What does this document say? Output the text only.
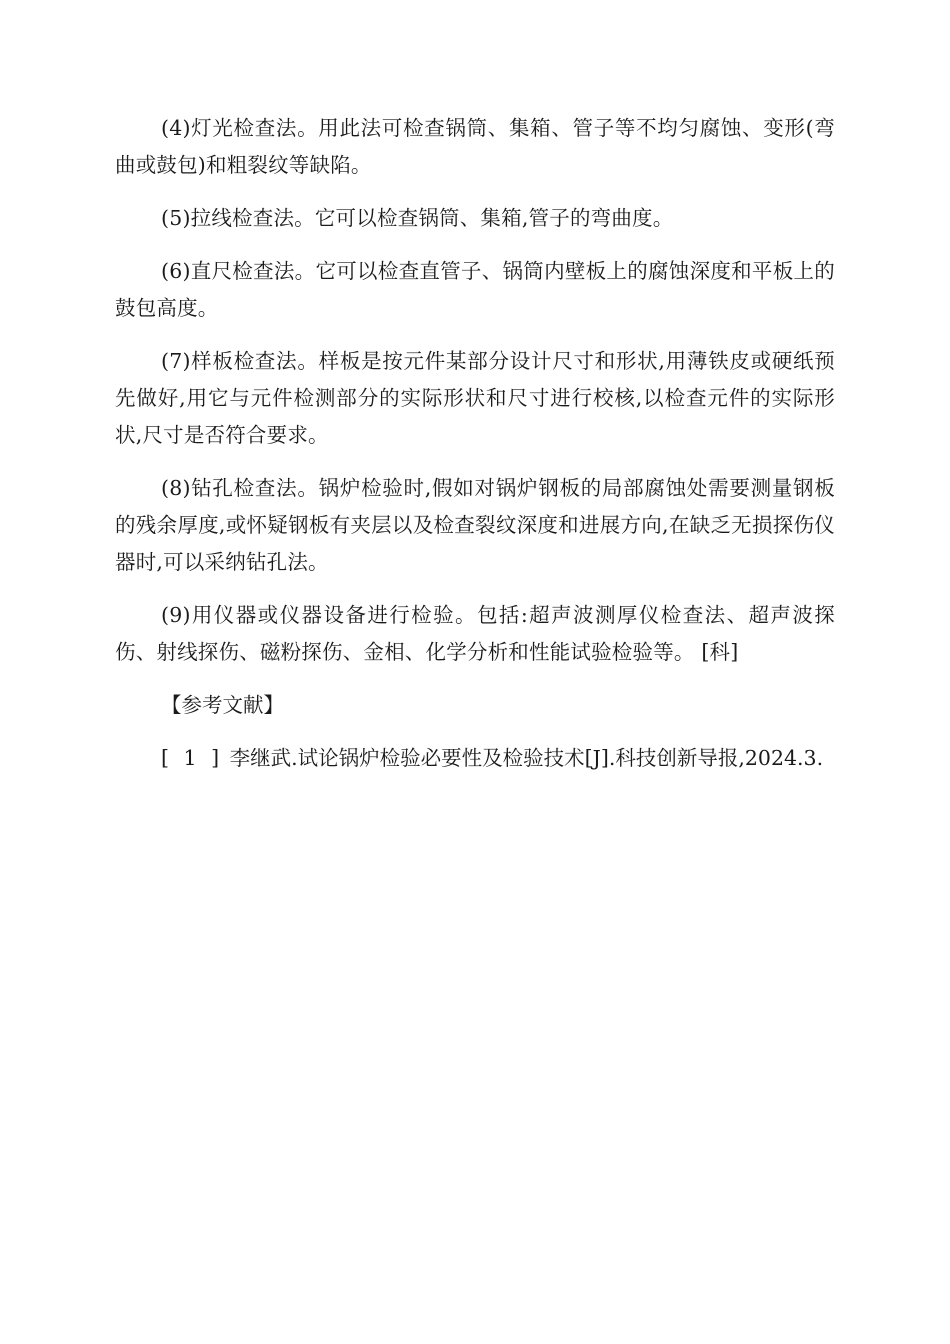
(4)灯光检查法。用此法可检查锅筒、集箱、管子等不均匀腐蚀、变形(弯曲或鼓包)和粗裂纹等缺陷。

(5)拉线检查法。它可以检查锅筒、集箱,管子的弯曲度。

(6)直尺检查法。它可以检查直管子、锅筒内壁板上的腐蚀深度和平板上的鼓包高度。

(7)样板检查法。样板是按元件某部分设计尺寸和形状,用薄铁皮或硬纸预先做好,用它与元件检测部分的实际形状和尺寸进行校核,以检查元件的实际形状,尺寸是否符合要求。

(8)钻孔检查法。锅炉检验时,假如对锅炉钢板的局部腐蚀处需要测量钢板的残余厚度,或怀疑钢板有夹层以及检查裂纹深度和进展方向,在缺乏无损探伤仪器时,可以采纳钻孔法。

(9)用仪器或仪器设备进行检验。包括:超声波测厚仪检查法、超声波探伤、射线探伤、磁粉探伤、金相、化学分析和性能试验检验等。 [科]

【参考文献】

[ 1 ] 李继武.试论锅炉检验必要性及检验技术[J].科技创新导报,2024.3.
